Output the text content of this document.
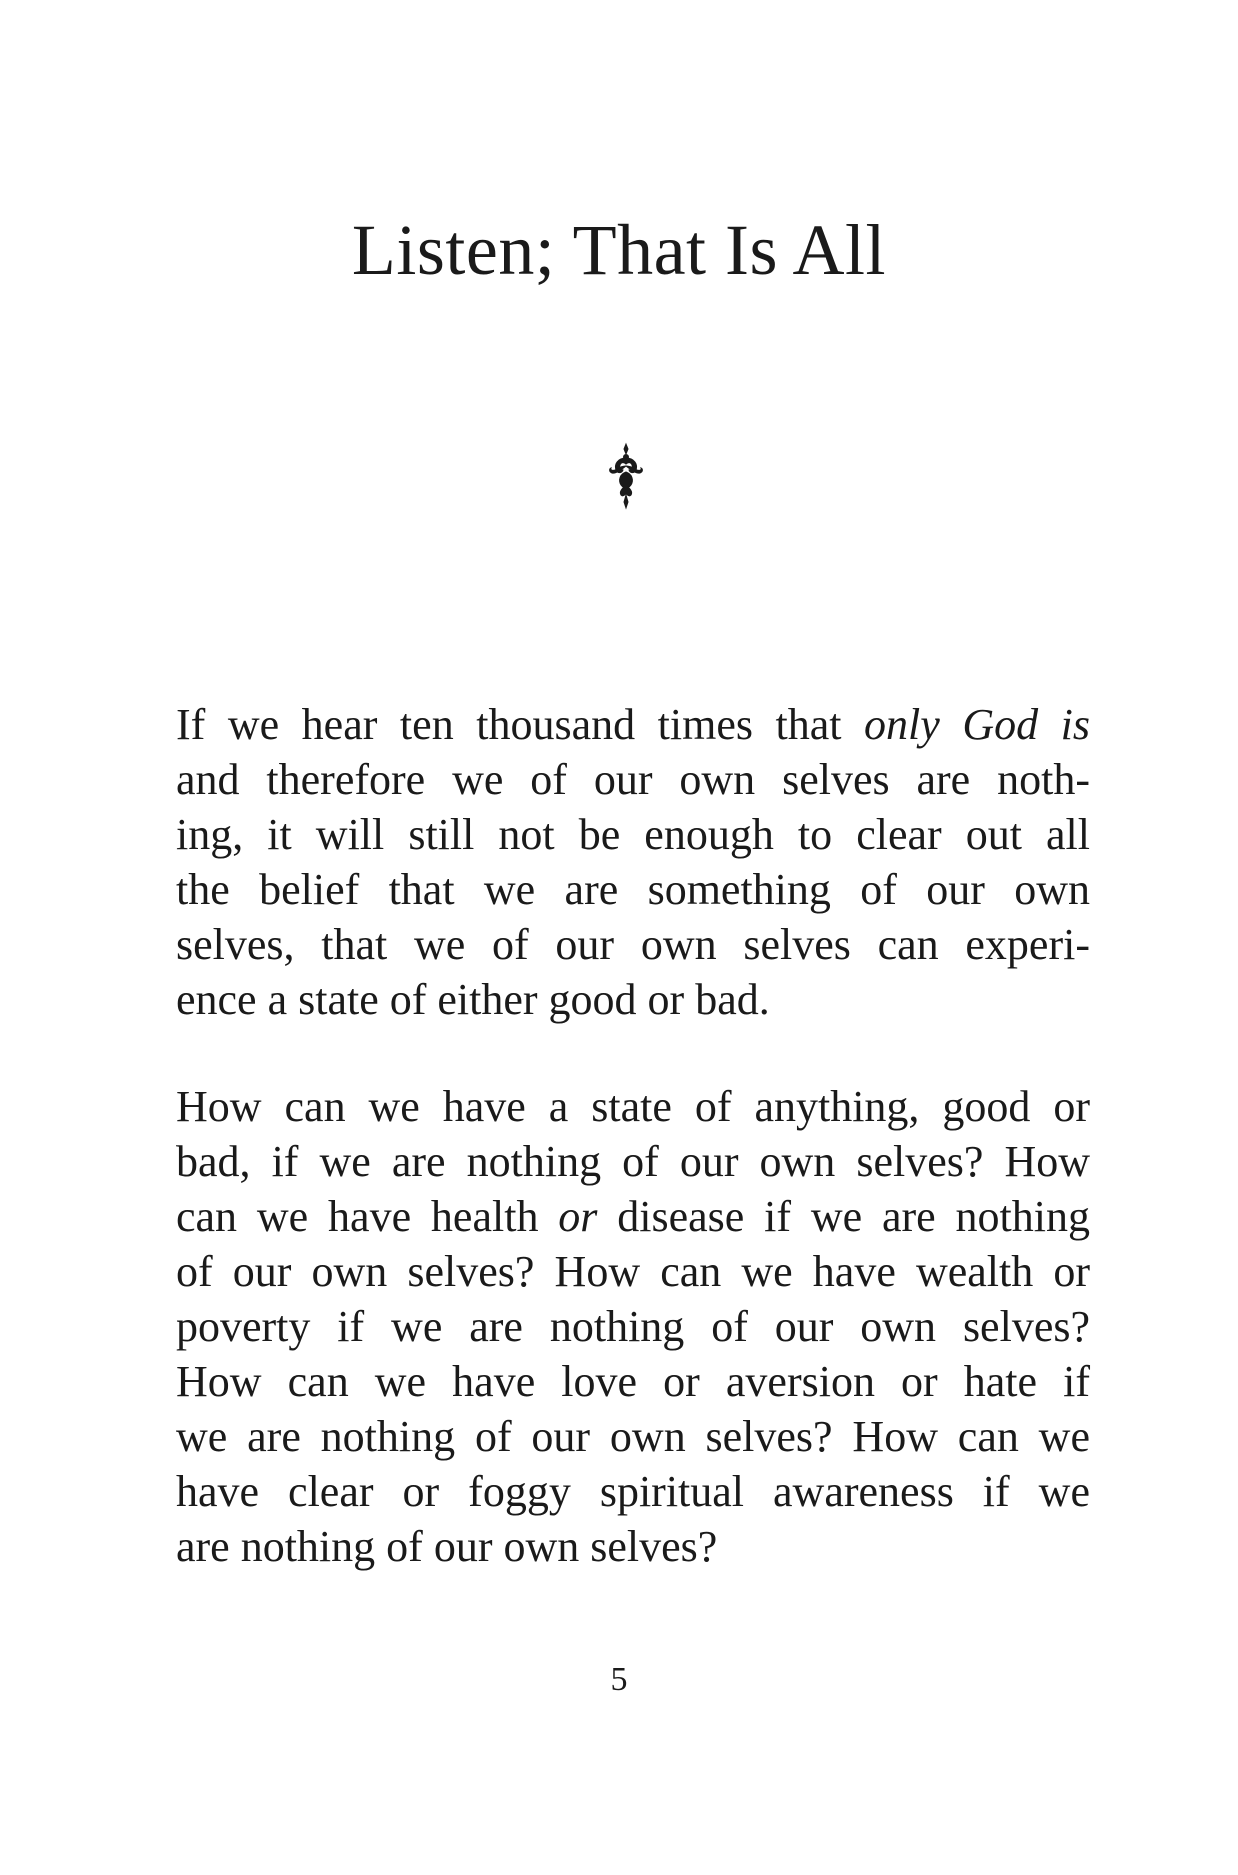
Listen; That Is All
If we hear ten thousand times that only God is
and therefore we of our own selves are noth-
ing, it will still not be enough to clear out all
the belief that we are something of our own
selves, that we of our own selves can experi-
ence a state of either good or bad.
How can we have a state of anything, good or
bad, if we are nothing of our own selves? How
can we have health or disease if we are nothing
of our own selves? How can we have wealth or
poverty if we are nothing of our own selves?
How can we have love or aversion or hate if
we are nothing of our own selves? How can we
have clear or foggy spiritual awareness if we
are nothing of our own selves?
5
